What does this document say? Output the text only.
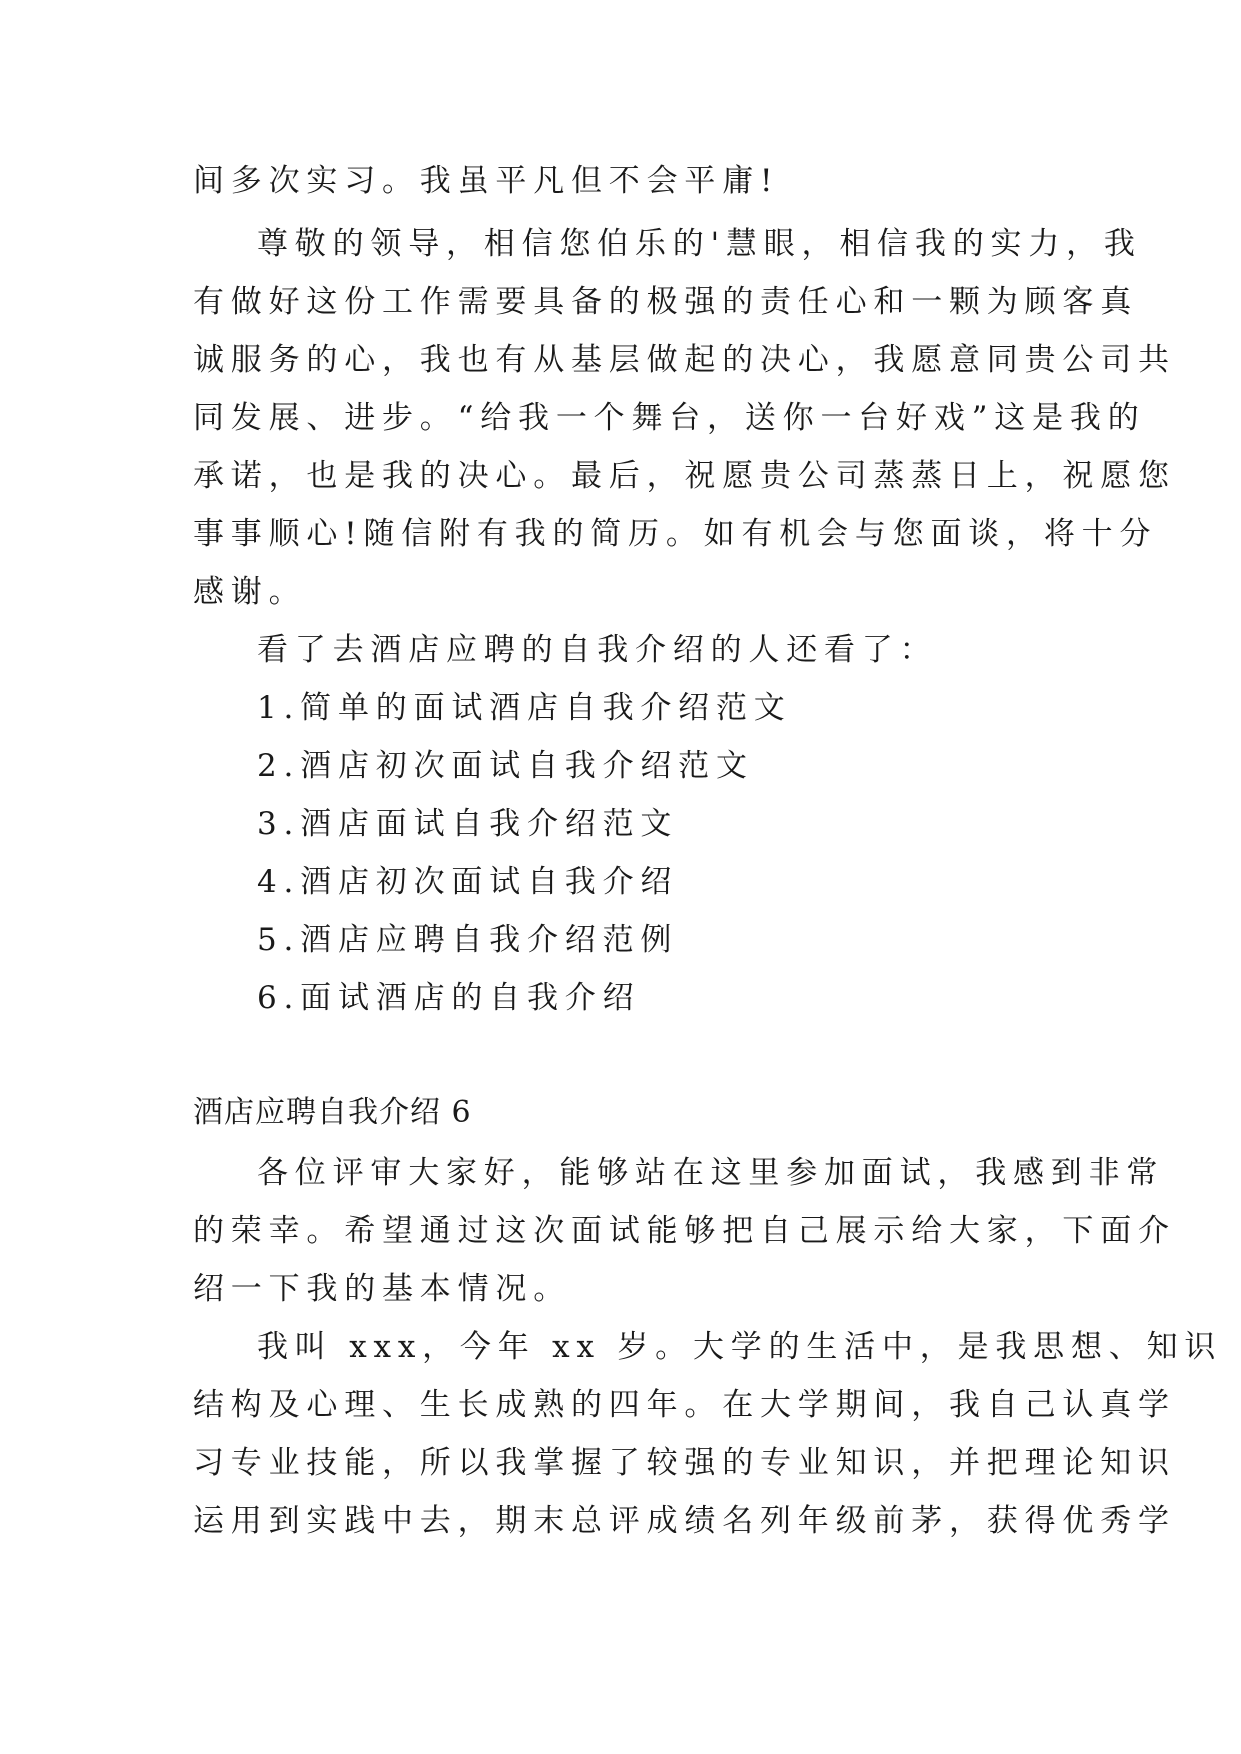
间多次实习。我虽平凡但不会平庸!
尊敬的领导，相信您伯乐的'慧眼，相信我的实力，我
有做好这份工作需要具备的极强的责任心和一颗为顾客真
诚服务的心，我也有从基层做起的决心，我愿意同贵公司共
同发展、进步。“给我一个舞台，送你一台好戏”这是我的
承诺，也是我的决心。最后，祝愿贵公司蒸蒸日上，祝愿您
事事顺心!随信附有我的简历。如有机会与您面谈，将十分
感谢。
看了去酒店应聘的自我介绍的人还看了：
1.简单的面试酒店自我介绍范文
2.酒店初次面试自我介绍范文
3.酒店面试自我介绍范文
4.酒店初次面试自我介绍
5.酒店应聘自我介绍范例
6.面试酒店的自我介绍
酒店应聘自我介绍 6
各位评审大家好，能够站在这里参加面试，我感到非常
的荣幸。希望通过这次面试能够把自己展示给大家，下面介
绍一下我的基本情况。
我叫 xxx，今年 xx 岁。大学的生活中，是我思想、知识
结构及心理、生长成熟的四年。在大学期间，我自己认真学
习专业技能，所以我掌握了较强的专业知识，并把理论知识
运用到实践中去，期末总评成绩名列年级前茅，获得优秀学
